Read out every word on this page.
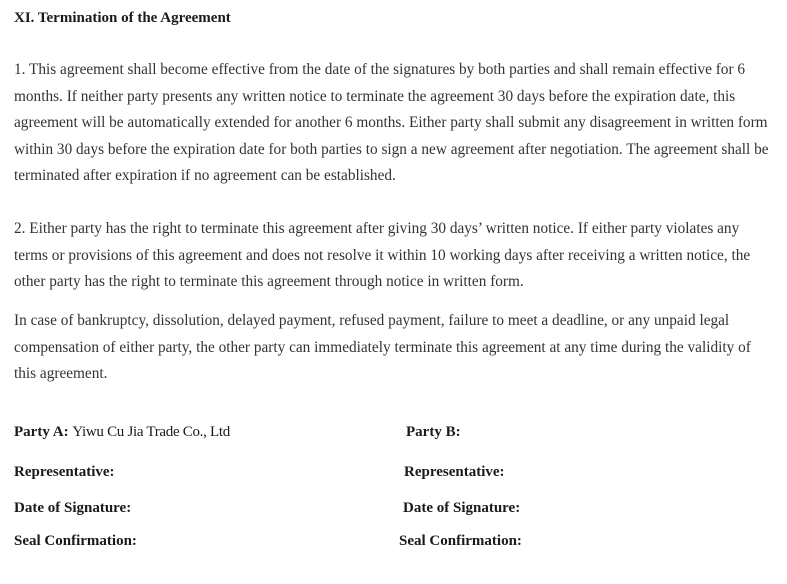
XI. Termination of the Agreement

1. This agreement shall become effective from the date of the signatures by both parties and shall remain effective for 6 months. If neither party presents any written notice to terminate the agreement 30 days before the expiration date, this agreement will be automatically extended for another 6 months. Either party shall submit any disagreement in written form within 30 days before the expiration date for both parties to sign a new agreement after negotiation. The agreement shall be terminated after expiration if no agreement can be established.

2. Either party has the right to terminate this agreement after giving 30 days’ written notice. If either party violates any terms or provisions of this agreement and does not resolve it within 10 working days after receiving a written notice, the other party has the right to terminate this agreement through notice in written form.

In case of bankruptcy, dissolution, delayed payment, refused payment, failure to meet a deadline, or any unpaid legal compensation of either party, the other party can immediately terminate this agreement at any time during the validity of this agreement.

Party A: Yiwu Cu Jia Trade Co., Ltd
Representative:
Date of Signature:
Seal Confirmation:
Party B:
Representative:
Date of Signature:
Seal Confirmation:
